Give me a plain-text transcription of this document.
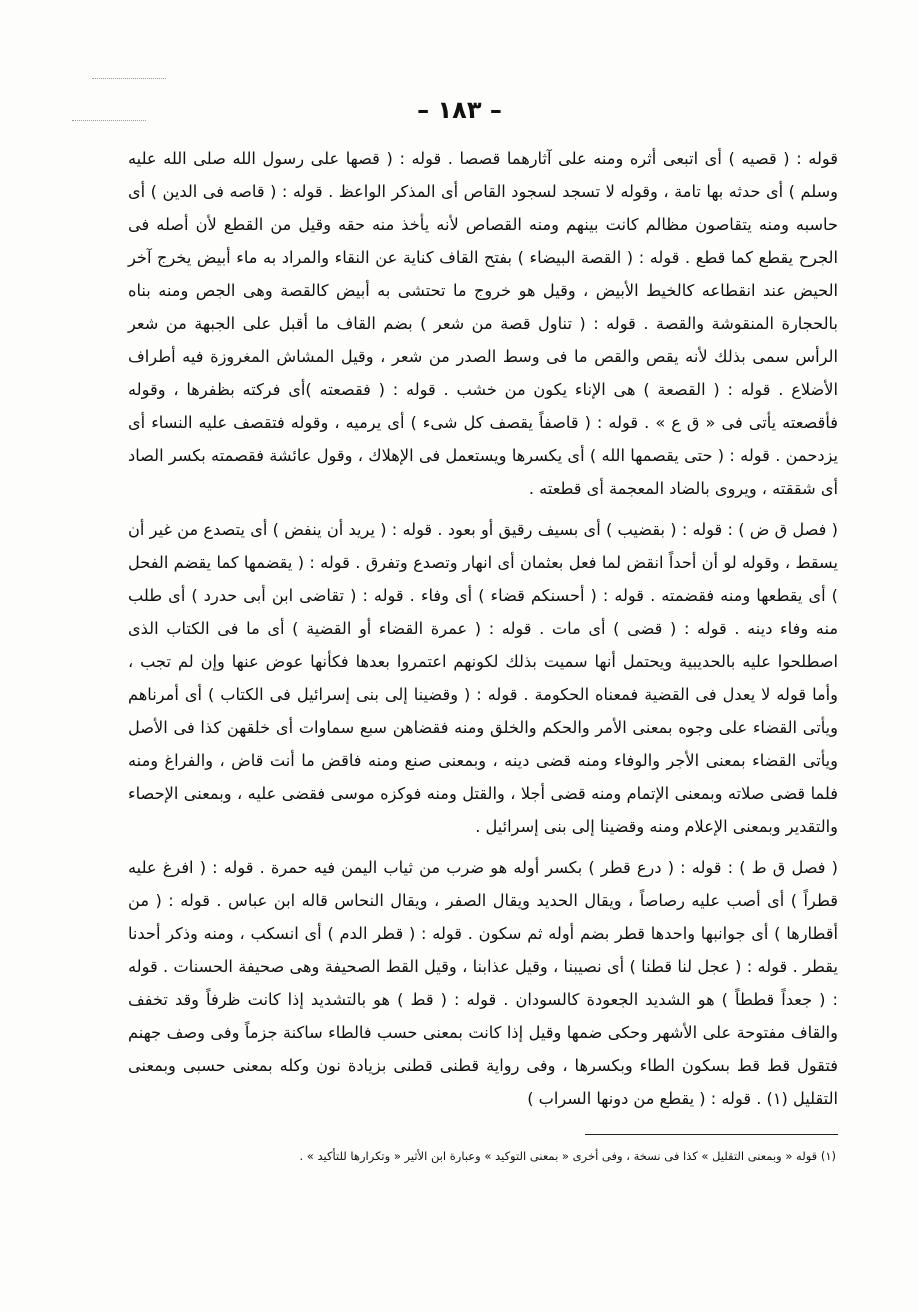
– ١٨٣ –

قوله : ( قصيه ) أى اتبعى أثره ومنه على آثارهما قصصا . قوله : ( قصها على رسول الله صلى الله عليه وسلم ) أى حدثه بها تامة ، وقوله لا تسجد لسجود القاص أى المذكر الواعظ . قوله : ( قاصه فى الدين ) أى حاسبه ومنه يتقاصون مظالم كانت بينهم ومنه القصاص لأنه يأخذ منه حقه وقيل من القطع لأن أصله فى الجرح يقطع كما قطع . قوله : ( القصة البيضاء ) بفتح القاف كناية عن النقاء والمراد به ماء أبيض يخرج آخر الحيض عند انقطاعه كالخيط الأبيض ، وقيل هو خروج ما تحتشى به أبيض كالقصة وهى الجص ومنه بناه بالحجارة المنقوشة والقصة . قوله : ( تناول قصة من شعر ) بضم القاف ما أقبل على الجبهة من شعر الرأس سمى بذلك لأنه يقص والقص ما فى وسط الصدر من شعر ، وقيل المشاش المغروزة فيه أطراف الأضلاع . قوله : ( القصعة ) هى الإناء يكون من خشب . قوله : ( فقصعته )أى فركته بظفرها ، وقوله فأقصعته يأتى فى « ق ع » . قوله : ( قاصفاً يقصف كل شىء ) أى يرميه ، وقوله فتقصف عليه النساء أى يزدحمن . قوله : ( حتى يقصمها الله ) أى يكسرها ويستعمل فى الإهلاك ، وقول عائشة فقصمته بكسر الصاد أى شققته ، ويروى بالضاد المعجمة أى قطعته .

( فصل ق ض ) : قوله : ( بقضيب ) أى بسيف رقيق أو بعود . قوله : ( يريد أن ينفض ) أى يتصدع من غير أن يسقط ، وقوله لو أن أحداً انقض لما فعل بعثمان أى انهار وتصدع وتفرق . قوله : ( يقضمها كما يقضم الفحل ) أى يقطعها ومنه فقضمته . قوله : ( أحسنكم قضاء ) أى وفاء . قوله : ( تقاضى ابن أبى حدرد ) أى طلب منه وفاء دينه . قوله : ( قضى ) أى مات . قوله : ( عمرة القضاء أو القضية ) أى ما فى الكتاب الذى اصطلحوا عليه بالحديبية ويحتمل أنها سميت بذلك لكونهم اعتمروا بعدها فكأنها عوض عنها وإن لم تجب ، وأما قوله لا يعدل فى القضية فمعناه الحكومة . قوله : ( وقضينا إلى بنى إسرائيل فى الكتاب ) أى أمرناهم ويأتى القضاء على وجوه بمعنى الأمر والحكم والخلق ومنه فقضاهن سبع سماوات أى خلقهن كذا فى الأصل ويأتى القضاء بمعنى الأجر والوفاء ومنه قضى دينه ، وبمعنى صنع ومنه فاقض ما أنت قاض ، والفراغ ومنه فلما قضى صلاته وبمعنى الإتمام ومنه قضى أجلا ، والقتل ومنه فوكزه موسى فقضى عليه ، وبمعنى الإحصاء والتقدير وبمعنى الإعلام ومنه وقضينا إلى بنى إسرائيل .

( فصل ق ط ) : قوله : ( درع قطر ) بكسر أوله هو ضرب من ثياب اليمن فيه حمرة . قوله : ( افرغ عليه قطراً ) أى أصب عليه رصاصاً ، ويقال الحديد ويقال الصفر ، ويقال النحاس قاله ابن عباس . قوله : ( من أقطارها ) أى جوانبها واحدها قطر بضم أوله ثم سكون . قوله : ( قطر الدم ) أى انسكب ، ومنه وذكر أحدنا يقطر . قوله : ( عجل لنا قطنا ) أى نصيبنا ، وقيل عذابنا ، وقيل القط الصحيفة وهى صحيفة الحسنات . قوله : ( جعداً قططاً ) هو الشديد الجعودة كالسودان . قوله : ( قط ) هو بالتشديد إذا كانت ظرفاً وقد تخفف والقاف مفتوحة على الأشهر وحكى ضمها وقيل إذا كانت بمعنى حسب فالطاء ساكنة جزماً وفى وصف جهنم فتقول قط قط بسكون الطاء وبكسرها ، وفى رواية قطنى قطنى بزيادة نون وكله بمعنى حسبى وبمعنى التقليل (١) . قوله : ( يقطع من دونها السراب )

(١) قوله « وبمعنى التقليل » كذا فى نسخة ، وفى أخرى « بمعنى التوكيد » وعبارة ابن الأثير « وتكرارها للتأكيد » .
